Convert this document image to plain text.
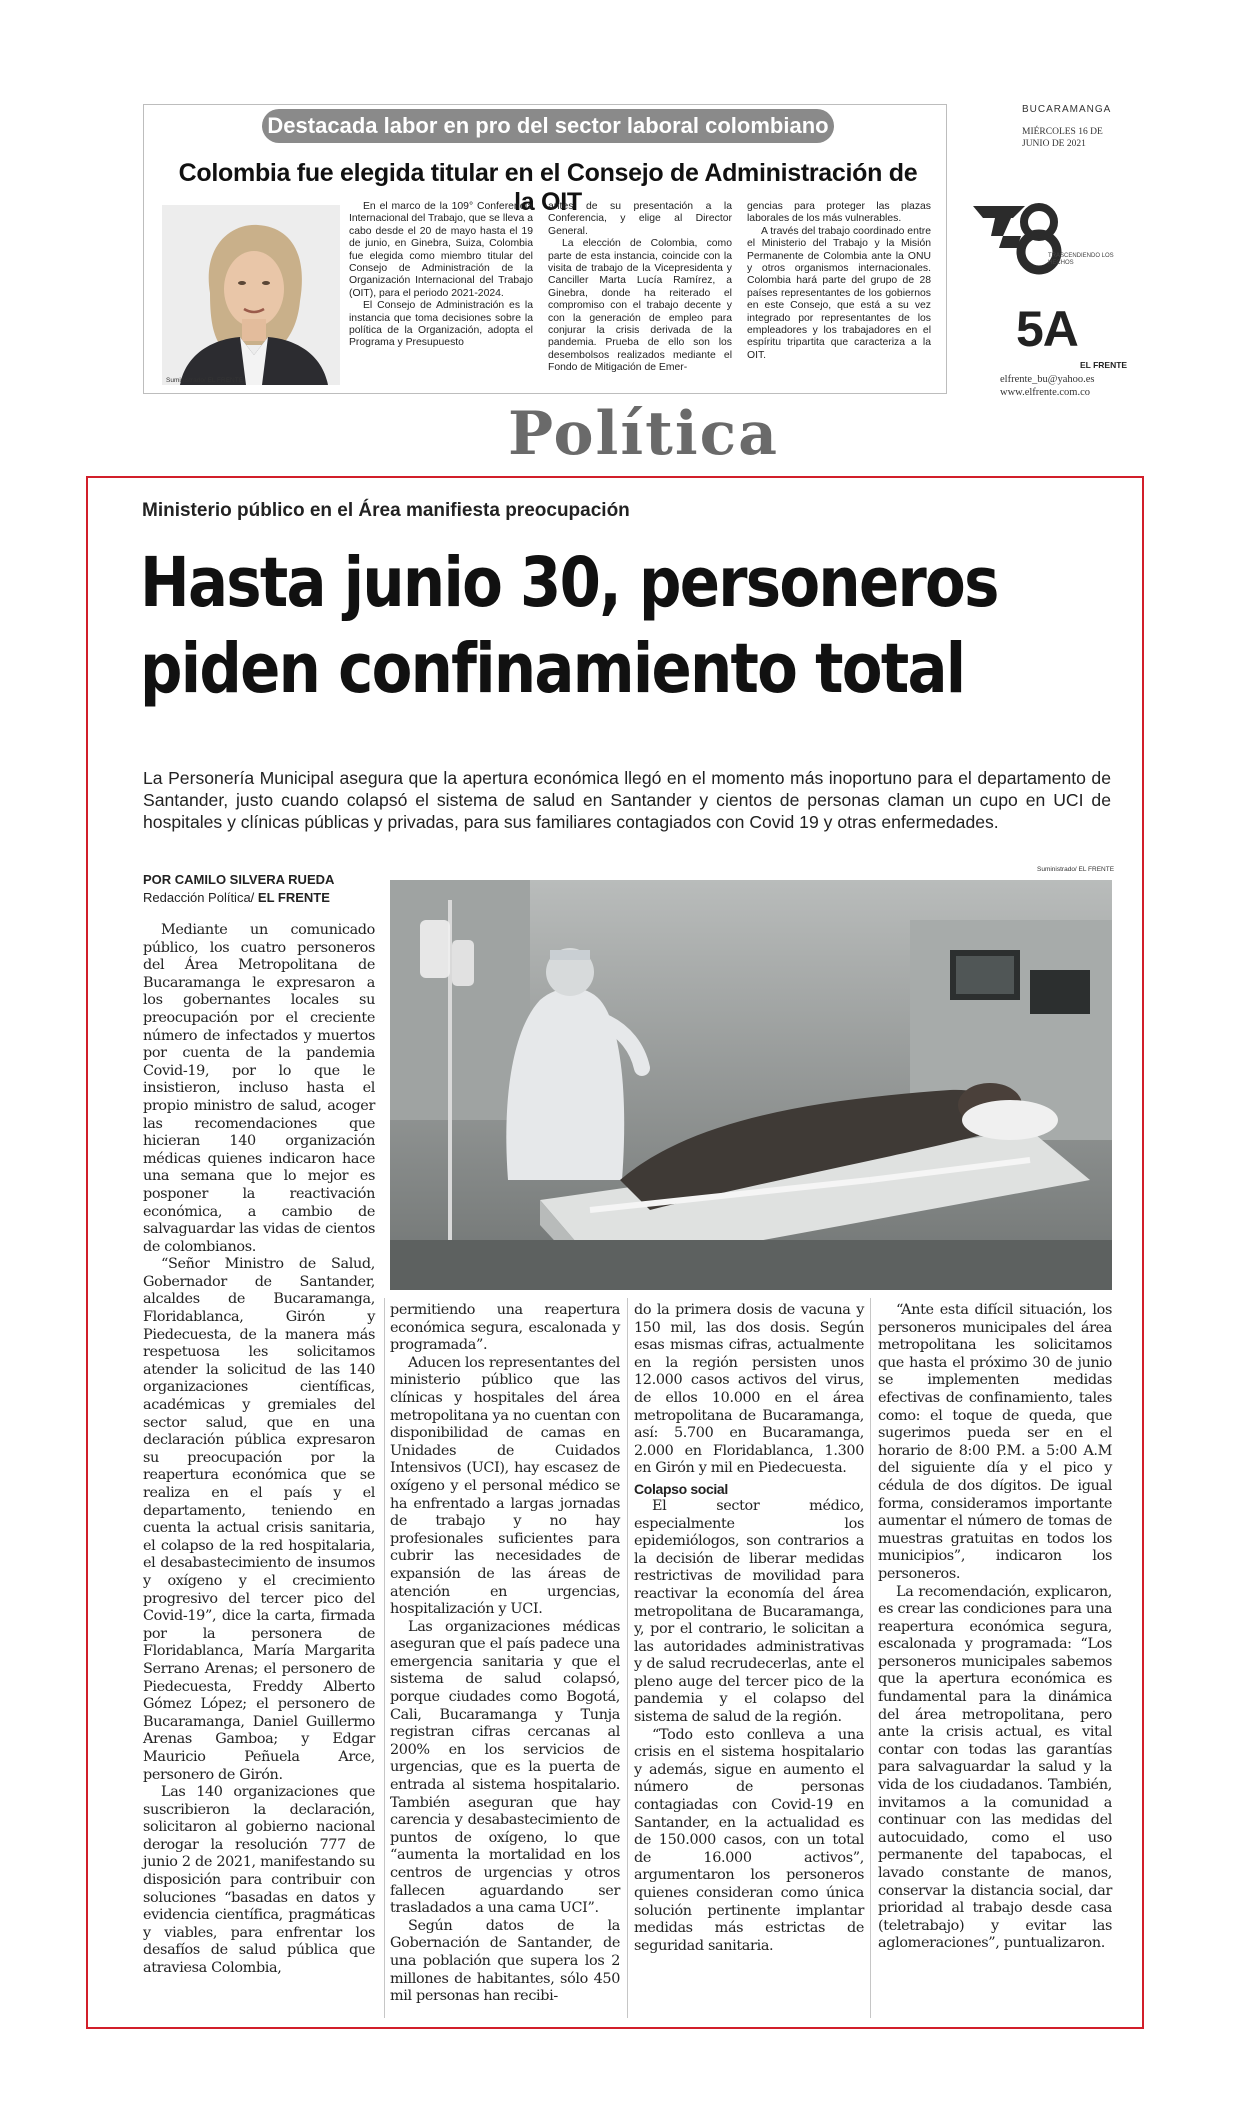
Destacada labor en pro del sector laboral colombiano
Colombia fue elegida titular en el Consejo de Administración de la OIT
Suministrado/ EL FRENTE

En el marco de la 109° Conferencia Internacional del Trabajo, que se lleva a cabo desde el 20 de mayo hasta el 19 de junio, en Ginebra, Suiza, Colombia fue elegida como miembro titular del Consejo de Administración de la Organización Internacional del Trabajo (OIT), para el periodo 2021-2024.

El Consejo de Administración es la instancia que toma decisiones sobre la política de la Organización, adopta el Programa y Presupuesto

antes de su presentación a la Conferencia, y elige al Director General.

La elección de Colombia, como parte de esta instancia, coincide con la visita de trabajo de la Vicepresidenta y Canciller Marta Lucía Ramírez, a Ginebra, donde ha reiterado el compromiso con el trabajo decente y con la generación de empleo para conjurar la crisis derivada de la pandemia. Prueba de ello son los desembolsos realizados mediante el Fondo de Mitigación de Emer-

gencias para proteger las plazas laborales de los más vulnerables.

A través del trabajo coordinado entre el Ministerio del Trabajo y la Misión Permanente de Colombia ante la ONU y otros organismos internacionales. Colombia hará parte del grupo de 28 países representantes de los gobiernos en este Consejo, que está a su vez integrado por representantes de los empleadores y los trabajadores en el espíritu tripartita que caracteriza a la OIT.

BUCARAMANGA
MIÉRCOLES 16 DE JUNIO DE 2021
TRASCENDIENDO LOS HECHOS
5A
EL FRENTE
elfrente_bu@yahoo.es
www.elfrente.com.co
Política
Ministerio público en el Área manifiesta preocupación
Hasta junio 30, personeros
piden confinamiento total
La Personería Municipal asegura que la apertura económica llegó en el momento más inoportuno para el departamento de Santander, justo cuando colapsó el sistema de salud en Santander y cientos de personas claman un cupo en UCI de hospitales y clínicas públicas y privadas, para sus familiares contagiados con Covid 19 y otras enfermedades.
POR CAMILO SILVERA RUEDA
Redacción Política/ EL FRENTE
Suministrado/ EL FRENTE

Mediante un comunicado público, los cuatro personeros del Área Metropolitana de Bucaramanga le expresaron a los gobernantes locales su preocupación por el creciente número de infectados y muertos por cuenta de la pandemia Covid-19, por lo que le insistieron, incluso hasta el propio ministro de salud, acoger las recomendaciones que hicieran 140 organización médicas quienes indicaron hace una semana que lo mejor es posponer la reactivación económica, a cambio de salvaguardar las vidas de cientos de colombianos.

“Señor Ministro de Salud, Gobernador de Santander, alcaldes de Bucaramanga, Floridablanca, Girón y Piedecuesta, de la manera más respetuosa les solicitamos atender la solicitud de las 140 organizaciones científicas, académicas y gremiales del sector salud, que en una declaración pública expresaron su preocupación por la reapertura económica que se realiza en el país y el departamento, teniendo en cuenta la actual crisis sanitaria, el colapso de la red hospitalaria, el desabastecimiento de insumos y oxígeno y el crecimiento progresivo del tercer pico del Covid-19”, dice la carta, firmada por la personera de Floridablanca, María Margarita Serrano Arenas; el personero de Piedecuesta, Freddy Alberto Gómez López; el personero de Bucaramanga, Daniel Guillermo Arenas Gamboa; y Edgar Mauricio Peñuela Arce, personero de Girón.

Las 140 organizaciones que suscribieron la declaración, solicitaron al gobierno nacional derogar la resolución 777 de junio 2 de 2021, manifestando su disposición para contribuir con soluciones “basadas en datos y evidencia científica, pragmáticas y viables, para enfrentar los desafíos de salud pública que atraviesa Colombia,

permitiendo una reapertura económica segura, escalonada y programada”.

Aducen los representantes del ministerio público que las clínicas y hospitales del área metropolitana ya no cuentan con disponibilidad de camas en Unidades de Cuidados Intensivos (UCI), hay escasez de oxígeno y el personal médico se ha enfrentado a largas jornadas de trabajo y no hay profesionales suficientes para cubrir las necesidades de expansión de las áreas de atención en urgencias, hospitalización y UCI.

Las organizaciones médicas aseguran que el país padece una emergencia sanitaria y que el sistema de salud colapsó, porque ciudades como Bogotá, Cali, Bucaramanga y Tunja registran cifras cercanas al 200% en los servicios de urgencias, que es la puerta de entrada al sistema hospitalario. También aseguran que hay carencia y desabastecimiento de puntos de oxígeno, lo que “aumenta la mortalidad en los centros de urgencias y otros fallecen aguardando ser trasladados a una cama UCI”.

Según datos de la Gobernación de Santander, de una población que supera los 2 millones de habitantes, sólo 450 mil personas han recibi-

do la primera dosis de vacuna y 150 mil, las dos dosis. Según esas mismas cifras, actualmente en la región persisten unos 12.000 casos activos del virus, de ellos 10.000 en el área metropolitana de Bucaramanga, así: 5.700 en Bucaramanga, 2.000 en Floridablanca, 1.300 en Girón y mil en Piedecuesta.

Colapso social

El sector médico, especialmente los epidemiólogos, son contrarios a la decisión de liberar medidas restrictivas de movilidad para reactivar la economía del área metropolitana de Bucaramanga, y, por el contrario, le solicitan a las autoridades administrativas y de salud recrudecerlas, ante el pleno auge del tercer pico de la pandemia y el colapso del sistema de salud de la región.

“Todo esto conlleva a una crisis en el sistema hospitalario y además, sigue en aumento el número de personas contagiadas con Covid-19 en Santander, en la actualidad es de 150.000 casos, con un total de 16.000 activos”, argumentaron los personeros quienes consideran como única solución pertinente implantar medidas más estrictas de seguridad sanitaria.

“Ante esta difícil situación, los personeros municipales del área metropolitana les solicitamos que hasta el próximo 30 de junio se implementen medidas efectivas de confinamiento, tales como: el toque de queda, que sugerimos pueda ser en el horario de 8:00 P.M. a 5:00 A.M del siguiente día y el pico y cédula de dos dígitos. De igual forma, consideramos importante aumentar el número de tomas de muestras gratuitas en todos los municipios”, indicaron los personeros.

La recomendación, explicaron, es crear las condiciones para una reapertura económica segura, escalonada y programada: “Los personeros municipales sabemos que la apertura económica es fundamental para la dinámica del área metropolitana, pero ante la crisis actual, es vital contar con todas las garantías para salvaguardar la salud y la vida de los ciudadanos. También, invitamos a la comunidad a continuar con las medidas del autocuidado, como el uso permanente del tapabocas, el lavado constante de manos, conservar la distancia social, dar prioridad al trabajo desde casa (teletrabajo) y evitar las aglomeraciones”, puntualizaron.
